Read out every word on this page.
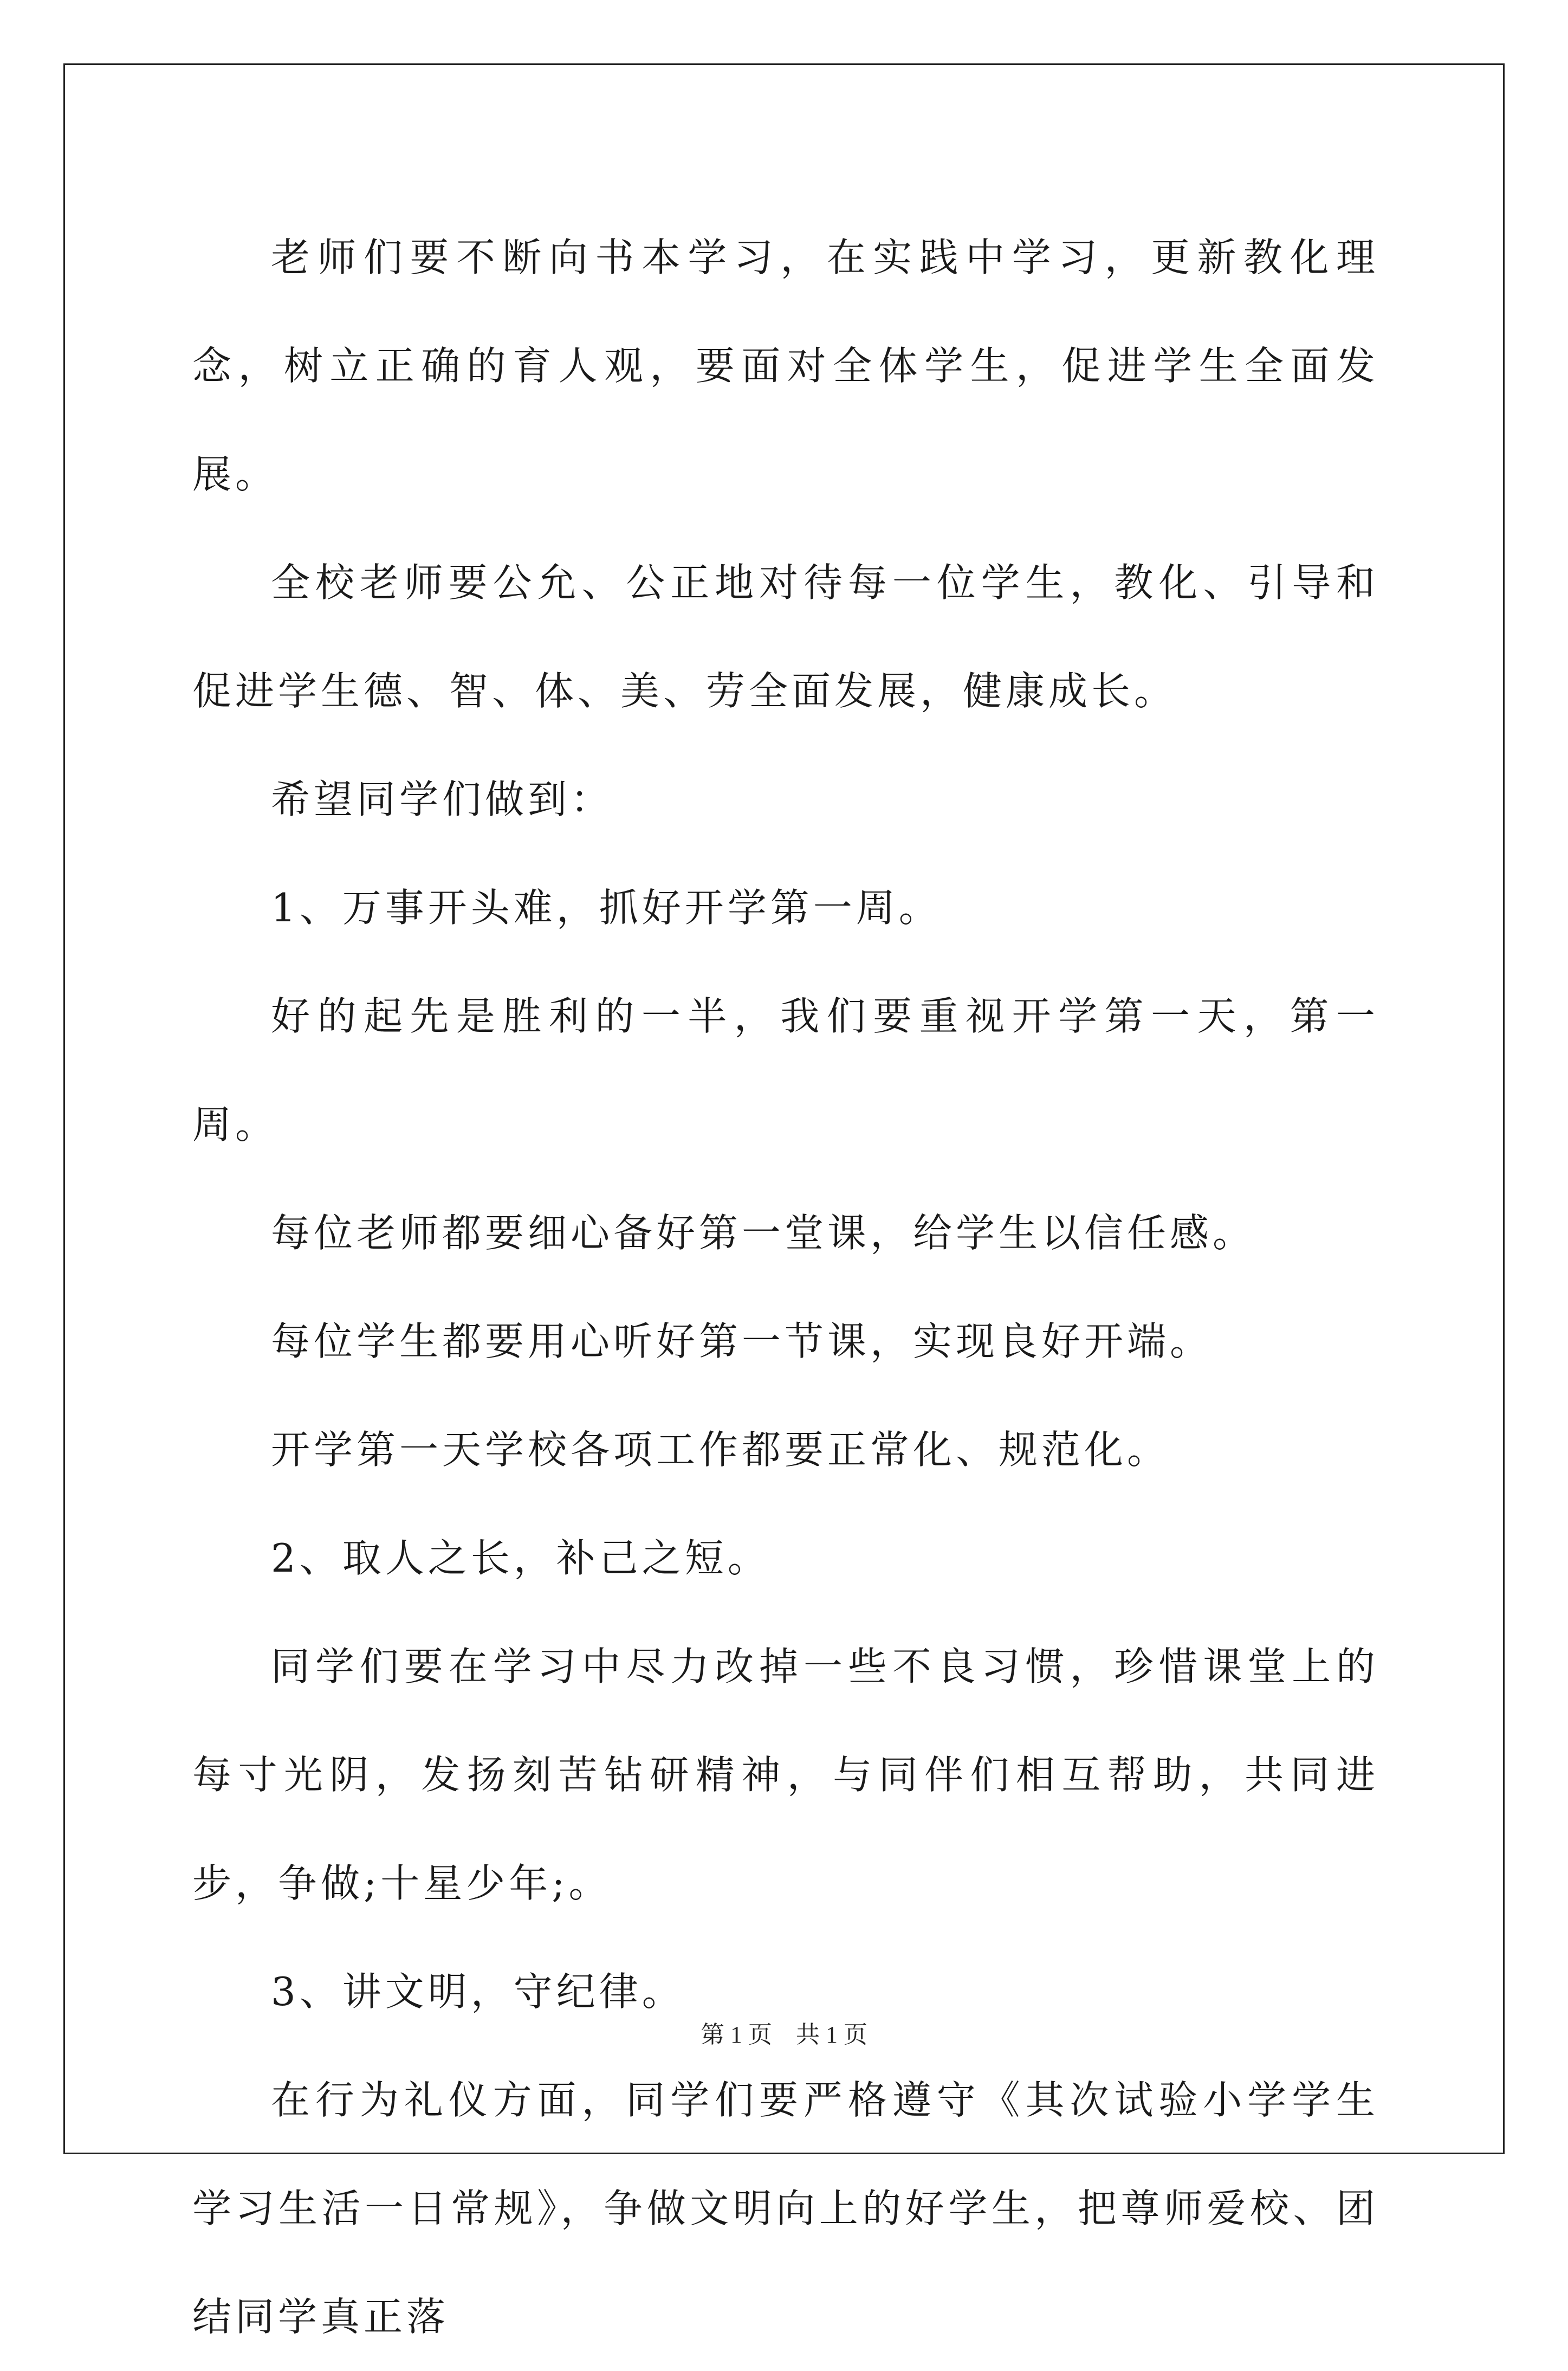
老师们要不断向书本学习，在实践中学习，更新教化理念，树立正确的育人观，要面对全体学生，促进学生全面发展。

全校老师要公允、公正地对待每一位学生，教化、引导和促进学生德、智、体、美、劳全面发展，健康成长。

希望同学们做到：

1、万事开头难，抓好开学第一周。

好的起先是胜利的一半，我们要重视开学第一天，第一周。

每位老师都要细心备好第一堂课，给学生以信任感。

每位学生都要用心听好第一节课，实现良好开端。

开学第一天学校各项工作都要正常化、规范化。

2、取人之长，补己之短。

同学们要在学习中尽力改掉一些不良习惯，珍惜课堂上的每寸光阴，发扬刻苦钻研精神，与同伴们相互帮助，共同进步，争做;十星少年;。

3、讲文明，守纪律。

在行为礼仪方面，同学们要严格遵守《其次试验小学学生学习生活一日常规》，争做文明向上的好学生，把尊师爱校、团结同学真正落

第 1 页　共 1 页
